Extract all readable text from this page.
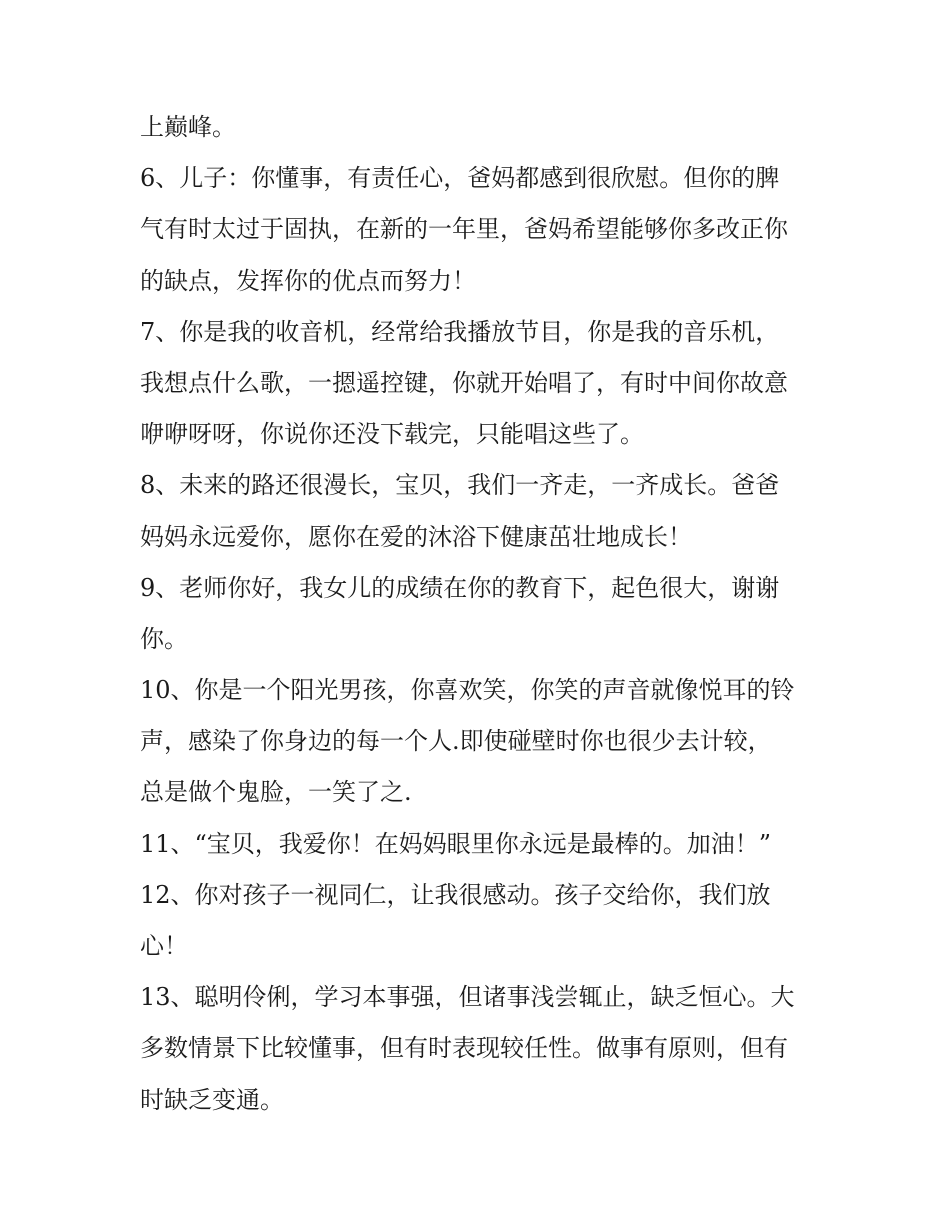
上巅峰。
6、儿子：你懂事，有责任心，爸妈都感到很欣慰。但你的脾
气有时太过于固执，在新的一年里，爸妈希望能够你多改正你
的缺点，发挥你的优点而努力！
7、你是我的收音机，经常给我播放节目，你是我的音乐机，
我想点什么歌，一摁遥控键，你就开始唱了，有时中间你故意
咿咿呀呀，你说你还没下载完，只能唱这些了。
8、未来的路还很漫长，宝贝，我们一齐走，一齐成长。爸爸
妈妈永远爱你，愿你在爱的沐浴下健康茁壮地成长！
9、老师你好，我女儿的成绩在你的教育下，起色很大，谢谢
你。
10、你是一个阳光男孩，你喜欢笑，你笑的声音就像悦耳的铃
声，感染了你身边的每一个人.即使碰壁时你也很少去计较，
总是做个鬼脸，一笑了之.
11、“宝贝，我爱你！在妈妈眼里你永远是最棒的。加油！”
12、你对孩子一视同仁，让我很感动。孩子交给你，我们放
心！
13、聪明伶俐，学习本事强，但诸事浅尝辄止，缺乏恒心。大
多数情景下比较懂事，但有时表现较任性。做事有原则，但有
时缺乏变通。
